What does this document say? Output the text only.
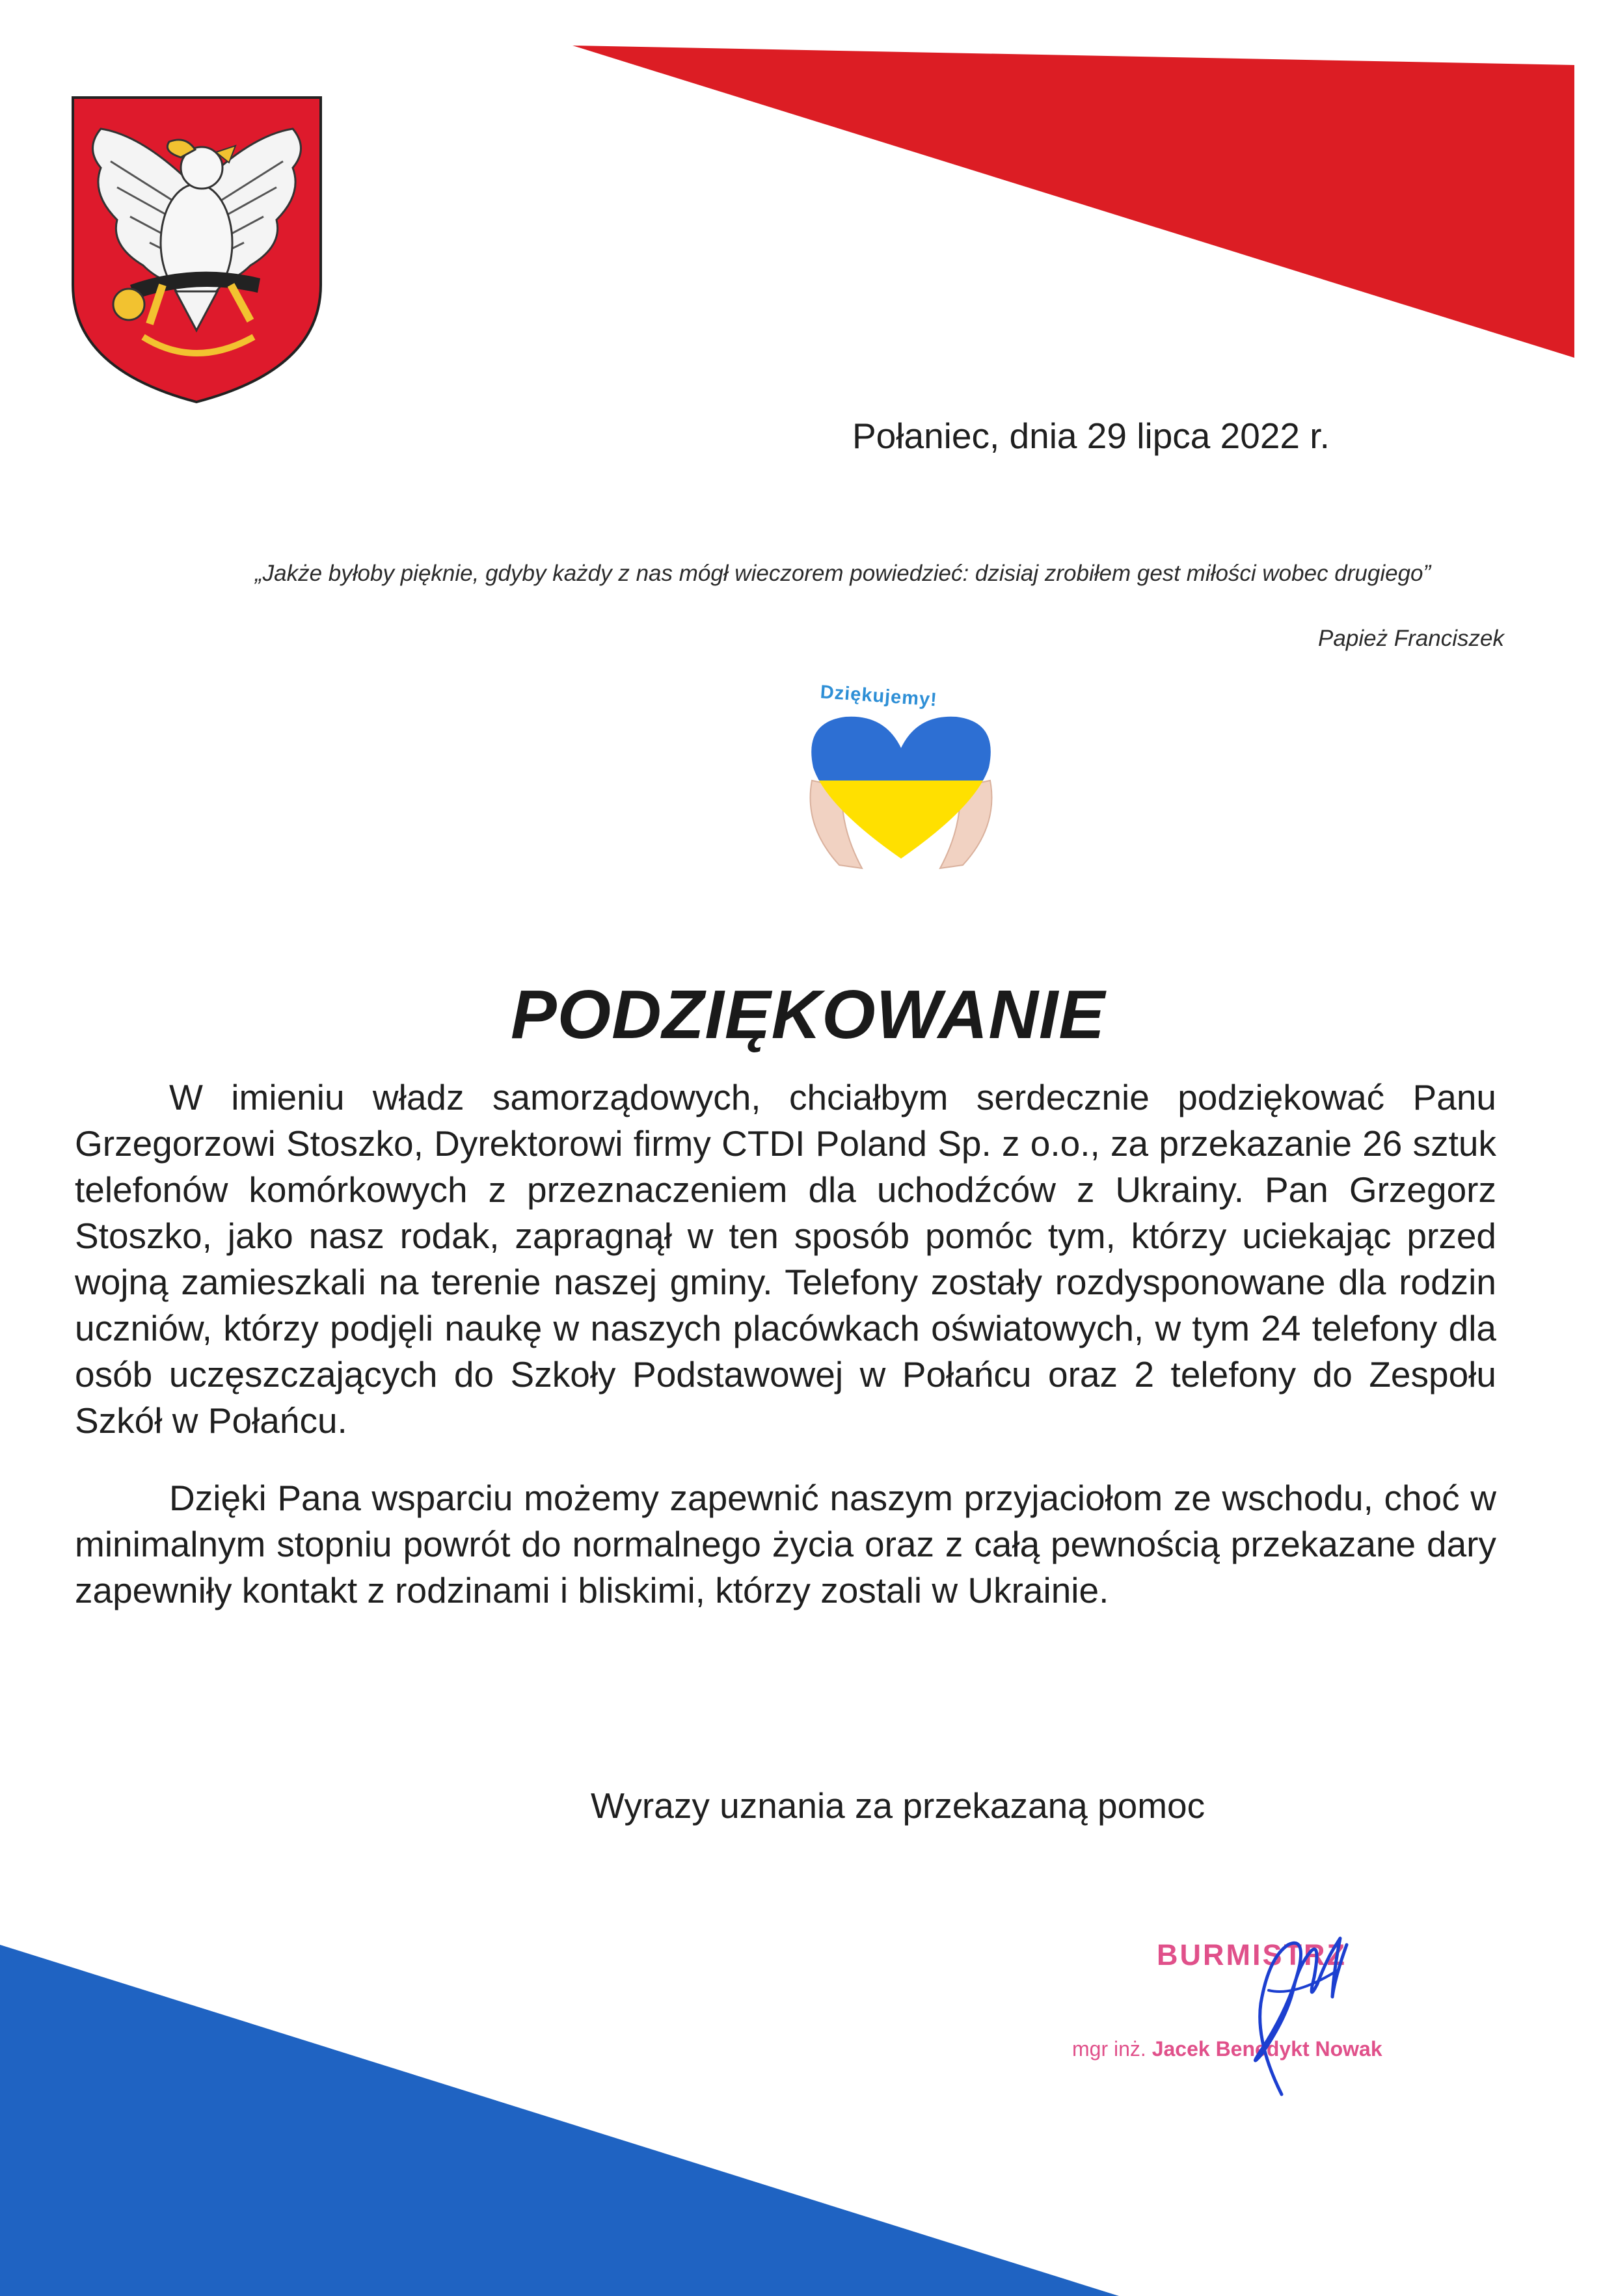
Połaniec, dnia 29 lipca 2022 r.
„Jakże byłoby pięknie, gdyby każdy z nas mógł wieczorem powiedzieć: dzisiaj zrobiłem gest miłości wobec drugiego”
Papież Franciszek
Dziękujemy!
PODZIĘKOWANIE
W imieniu władz samorządowych, chciałbym serdecznie podziękować Panu Grzegorzowi Stoszko, Dyrektorowi firmy CTDI Poland Sp. z o.o., za przekazanie 26 sztuk telefonów komórkowych z przeznaczeniem dla uchodźców z Ukrainy. Pan Grzegorz Stoszko, jako nasz rodak, zapragnął w ten sposób pomóc tym, którzy uciekając przed wojną zamieszkali na terenie naszej gminy. Telefony zostały rozdysponowane dla rodzin uczniów, którzy podjęli naukę w naszych placówkach oświatowych, w tym 24 telefony dla osób uczęszczających do Szkoły Podstawowej w Połańcu oraz 2 telefony do Zespołu Szkół w Połańcu.
Dzięki Pana wsparciu możemy zapewnić naszym przyjaciołom ze wschodu, choć w minimalnym stopniu powrót do normalnego życia oraz z całą pewnością przekazane dary zapewniły kontakt z rodzinami i bliskimi, którzy zostali w Ukrainie.
Wyrazy uznania za przekazaną pomoc
BURMISTRZ
mgr inż. Jacek Benedykt Nowak
